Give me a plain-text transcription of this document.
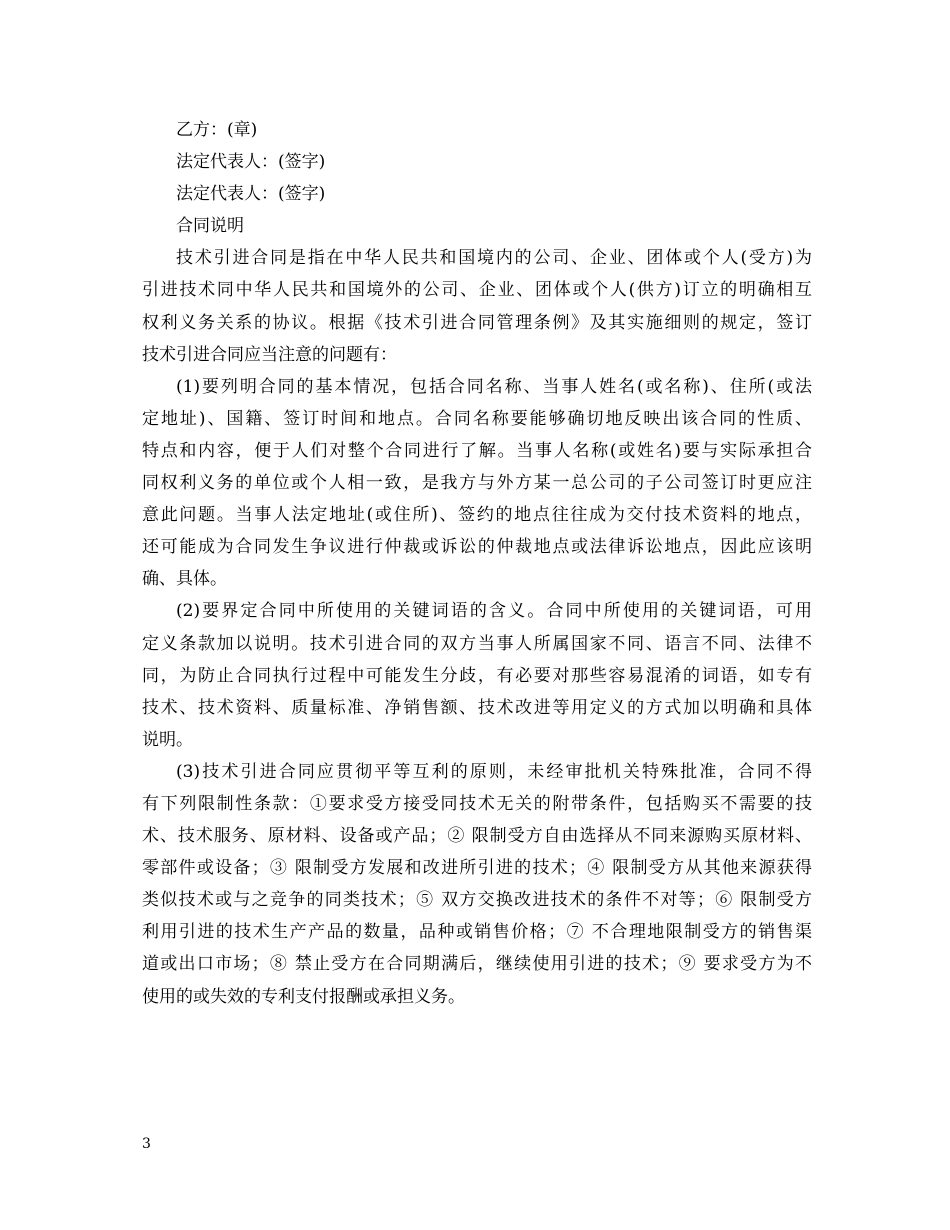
乙方：(章)
法定代表人：(签字)
法定代表人：(签字)
合同说明
技术引进合同是指在中华人民共和国境内的公司、企业、团体或个人(受方)为
引进技术同中华人民共和国境外的公司、企业、团体或个人(供方)订立的明确相互
权利义务关系的协议。根据《技术引进合同管理条例》及其实施细则的规定，签订
技术引进合同应当注意的问题有：
(1)要列明合同的基本情况，包括合同名称、当事人姓名(或名称)、住所(或法
定地址)、国籍、签订时间和地点。合同名称要能够确切地反映出该合同的性质、
特点和内容，便于人们对整个合同进行了解。当事人名称(或姓名)要与实际承担合
同权利义务的单位或个人相一致，是我方与外方某一总公司的子公司签订时更应注
意此问题。当事人法定地址(或住所)、签约的地点往往成为交付技术资料的地点，
还可能成为合同发生争议进行仲裁或诉讼的仲裁地点或法律诉讼地点，因此应该明
确、具体。
(2)要界定合同中所使用的关键词语的含义。合同中所使用的关键词语，可用
定义条款加以说明。技术引进合同的双方当事人所属国家不同、语言不同、法律不
同，为防止合同执行过程中可能发生分歧，有必要对那些容易混淆的词语，如专有
技术、技术资料、质量标准、净销售额、技术改进等用定义的方式加以明确和具体
说明。
(3)技术引进合同应贯彻平等互利的原则，未经审批机关特殊批准，合同不得
有下列限制性条款：①要求受方接受同技术无关的附带条件，包括购买不需要的技
术、技术服务、原材料、设备或产品；② 限制受方自由选择从不同来源购买原材料、
零部件或设备；③ 限制受方发展和改进所引进的技术；④ 限制受方从其他来源获得
类似技术或与之竞争的同类技术；⑤ 双方交换改进技术的条件不对等；⑥ 限制受方
利用引进的技术生产产品的数量，品种或销售价格；⑦ 不合理地限制受方的销售渠
道或出口市场；⑧ 禁止受方在合同期满后，继续使用引进的技术；⑨ 要求受方为不
使用的或失效的专利支付报酬或承担义务。
3
